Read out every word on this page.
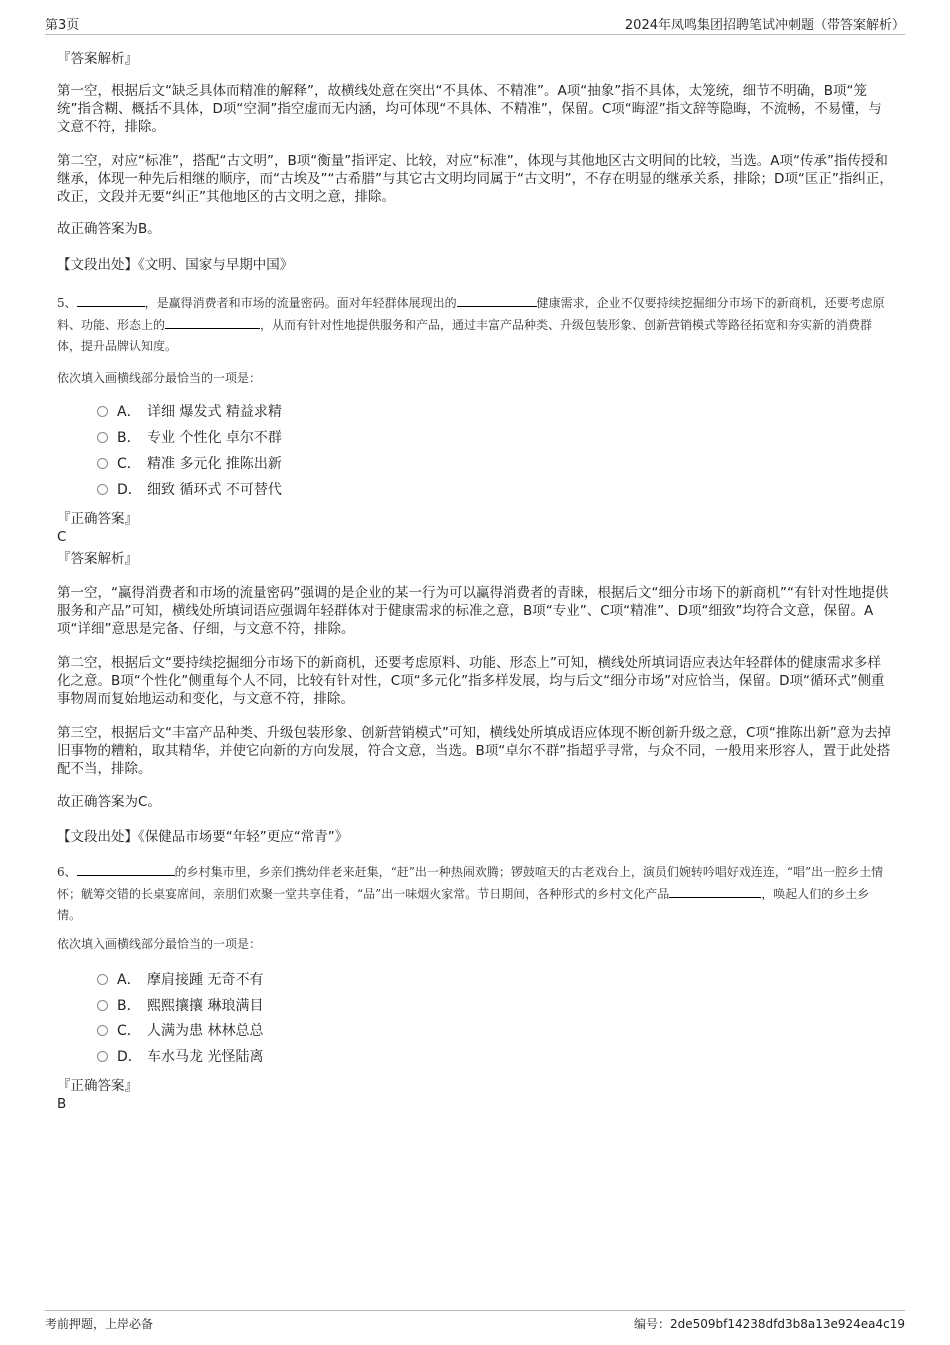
第3页	2024年凤鸣集团招聘笔试冲刺题（带答案解析）

『答案解析』

第一空，根据后文“缺乏具体而精准的解释”，故横线处意在突出“不具体、不精准”。A项“抽象”指不具体，太笼统，细节不明确，B项“笼统”指含糊、概括不具体，D项“空洞”指空虚而无内涵，均可体现“不具体、不精准”，保留。C项“晦涩”指文辞等隐晦，不流畅，不易懂，与文意不符，排除。

第二空，对应“标准”，搭配“古文明”，B项“衡量”指评定、比较，对应“标准”，体现与其他地区古文明间的比较，当选。A项“传承”指传授和继承，体现一种先后相继的顺序，而“古埃及”“古希腊”与其它古文明均同属于“古文明”，不存在明显的继承关系，排除；D项“匡正”指纠正，改正，文段并无要“纠正”其他地区的古文明之意，排除。

故正确答案为B。

【文段出处】《文明、国家与早期中国》

5、	，是赢得消费者和市场的流量密码。面对年轻群体展现出的	健康需求，企业不仅要持续挖掘细分市场下的新商机，还要考虑原料、功能、形态上的	，从而有针对性地提供服务和产品，通过丰富产品种类、升级包装形象、创新营销模式等路径拓宽和夯实新的消费群体，提升品牌认知度。

依次填入画横线部分最恰当的一项是：

A． 详细 爆发式 精益求精
B． 专业 个性化 卓尔不群
C． 精准 多元化 推陈出新
D． 细致 循环式 不可替代

『正确答案』

C

『答案解析』

第一空，“赢得消费者和市场的流量密码”强调的是企业的某一行为可以赢得消费者的青睐，根据后文“细分市场下的新商机”“有针对性地提供服务和产品”可知，横线处所填词语应强调年轻群体对于健康需求的标准之意，B项“专业”、C项“精准”、D项“细致”均符合文意，保留。A项“详细”意思是完备、仔细，与文意不符，排除。

第二空，根据后文“要持续挖掘细分市场下的新商机，还要考虑原料、功能、形态上”可知，横线处所填词语应表达年轻群体的健康需求多样化之意。B项“个性化”侧重每个人不同，比较有针对性，C项“多元化”指多样发展，均与后文“细分市场”对应恰当，保留。D项“循环式”侧重事物周而复始地运动和变化，与文意不符，排除。

第三空，根据后文“丰富产品种类、升级包装形象、创新营销模式”可知，横线处所填成语应体现不断创新升级之意，C项“推陈出新”意为去掉旧事物的糟粕，取其精华，并使它向新的方向发展，符合文意，当选。B项“卓尔不群”指超乎寻常，与众不同，一般用来形容人，置于此处搭配不当，排除。

故正确答案为C。

【文段出处】《保健品市场要“年轻”更应“常青”》

6、	的乡村集市里，乡亲们携幼伴老来赶集，“赶”出一种热闹欢腾；锣鼓喧天的古老戏台上，演员们婉转吟唱好戏连连，“唱”出一腔乡土情怀；觥筹交错的长桌宴席间，亲朋们欢聚一堂共享佳肴，“品”出一味烟火家常。节日期间，各种形式的乡村文化产品	，唤起人们的乡土乡情。

依次填入画横线部分最恰当的一项是：

A． 摩肩接踵 无奇不有
B． 熙熙攘攘 琳琅满目
C． 人满为患 林林总总
D． 车水马龙 光怪陆离

『正确答案』

B

考前押题，上岸必备	编号：2de509bf14238dfd3b8a13e924ea4c19
